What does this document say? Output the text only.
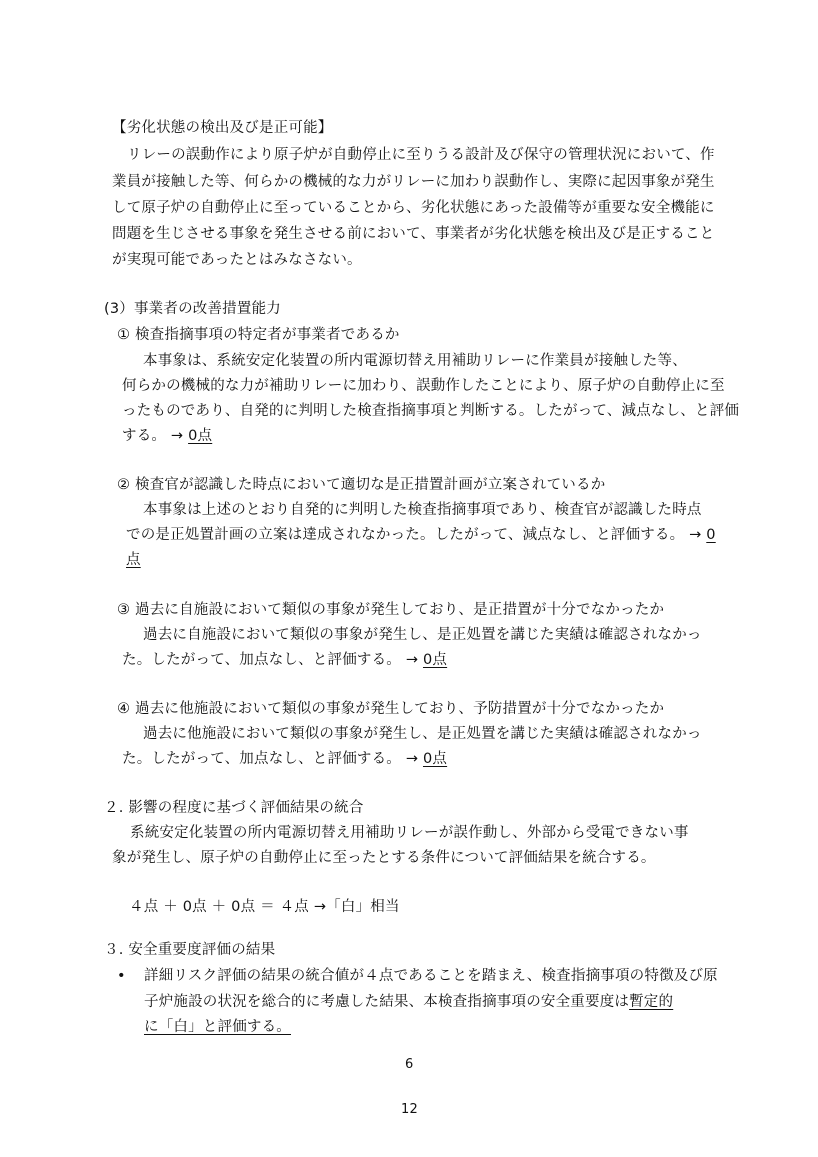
【劣化状態の検出及び是正可能】
リレーの誤動作により原子炉が自動停止に至りうる設計及び保守の管理状況において、作
業員が接触した等、何らかの機械的な力がリレーに加わり誤動作し、実際に起因事象が発生
して原子炉の自動停止に至っていることから、劣化状態にあった設備等が重要な安全機能に
問題を生じさせる事象を発生させる前において、事業者が劣化状態を検出及び是正すること
が実現可能であったとはみなさない。
(3）事業者の改善措置能力
① 検査指摘事項の特定者が事業者であるか
本事象は、系統安定化装置の所内電源切替え用補助リレーに作業員が接触した等、
何らかの機械的な力が補助リレーに加わり、誤動作したことにより、原子炉の自動停止に至
ったものであり、自発的に判明した検査指摘事項と判断する。したがって、減点なし、と評価
する。 → 0点
② 検査官が認識した時点において適切な是正措置計画が立案されているか
本事象は上述のとおり自発的に判明した検査指摘事項であり、検査官が認識した時点
での是正処置計画の立案は達成されなかった。したがって、減点なし、と評価する。 → 0
点
③ 過去に自施設において類似の事象が発生しており、是正措置が十分でなかったか
過去に自施設において類似の事象が発生し、是正処置を講じた実績は確認されなかっ
た。したがって、加点なし、と評価する。 → 0点
④ 過去に他施設において類似の事象が発生しており、予防措置が十分でなかったか
過去に他施設において類似の事象が発生し、是正処置を講じた実績は確認されなかっ
た。したがって、加点なし、と評価する。 → 0点
２. 影響の程度に基づく評価結果の統合
系統安定化装置の所内電源切替え用補助リレーが誤作動し、外部から受電できない事
象が発生し、原子炉の自動停止に至ったとする条件について評価結果を統合する。
４点 ＋ 0点 ＋ 0点 ＝ ４点 →「白」相当
３. 安全重要度評価の結果
• 詳細リスク評価の結果の統合値が４点であることを踏まえ、検査指摘事項の特徴及び原
子炉施設の状況を総合的に考慮した結果、本検査指摘事項の安全重要度は暫定的
に「白」と評価する。
6
12
